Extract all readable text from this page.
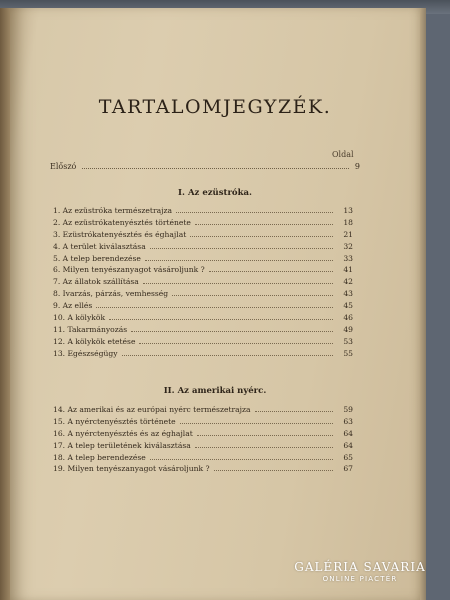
TARTALOMJEGYZÉK.
Oldal
Előszó	9
I. Az ezüstróka.
1. Az ezüstróka természetrajza	13
2. Az ezüstrókatenyésztés története	18
3. Ezüstrókatenyésztés és éghajlat	21
4. A terület kiválasztása	32
5. A telep berendezése	33
6. Milyen tenyészanyagot vásároljunk ?	41
7. Az állatok szállítása	42
8. Ivarzás, párzás, vemhesség	43
9. Az ellés	45
10. A kölykök	46
11. Takarmányozás	49
12. A kölykök etetése	53
13. Egészségügy	55
II. Az amerikai nyérc.
14. Az amerikai és az európai nyérc természetrajza	59
15. A nyérctenyésztés története	63
16. A nyérctenyésztés és az éghajlat	64
17. A telep területének kiválasztása	64
18. A telep berendezése	65
19. Milyen tenyészanyagot vásároljunk ?	67
GALÉRIA SAVARIA
ONLINE PIACTÉR
